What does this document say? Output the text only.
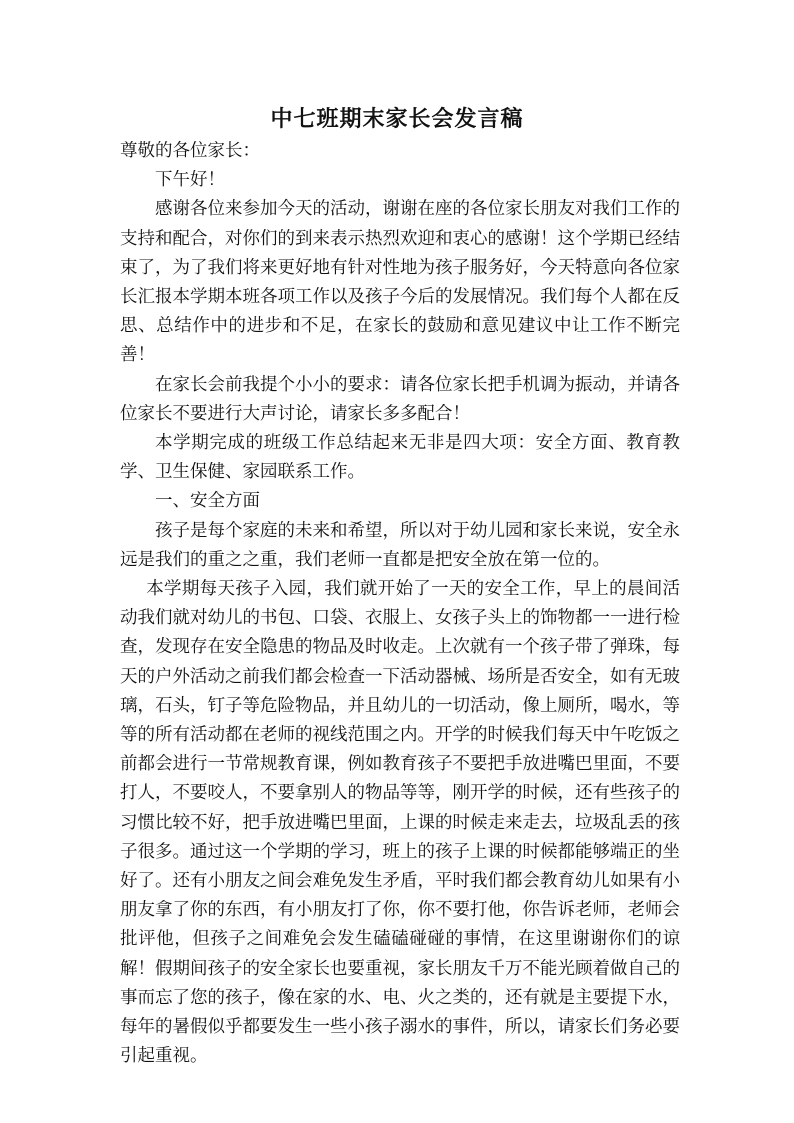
中七班期末家长会发言稿

尊敬的各位家长：

下午好！

感谢各位来参加今天的活动，谢谢在座的各位家长朋友对我们工作的支持和配合，对你们的到来表示热烈欢迎和衷心的感谢！这个学期已经结束了，为了我们将来更好地有针对性地为孩子服务好，今天特意向各位家长汇报本学期本班各项工作以及孩子今后的发展情况。我们每个人都在反思、总结作中的进步和不足，在家长的鼓励和意见建议中让工作不断完善！

在家长会前我提个小小的要求：请各位家长把手机调为振动，并请各位家长不要进行大声讨论，请家长多多配合！

本学期完成的班级工作总结起来无非是四大项：安全方面、教育教学、卫生保健、家园联系工作。

一、安全方面

孩子是每个家庭的未来和希望，所以对于幼儿园和家长来说，安全永远是我们的重之之重，我们老师一直都是把安全放在第一位的。

本学期每天孩子入园，我们就开始了一天的安全工作，早上的晨间活动我们就对幼儿的书包、口袋、衣服上、女孩子头上的饰物都一一进行检查，发现存在安全隐患的物品及时收走。上次就有一个孩子带了弹珠，每天的户外活动之前我们都会检查一下活动器械、场所是否安全，如有无玻璃，石头，钉子等危险物品，并且幼儿的一切活动，像上厕所，喝水，等等的所有活动都在老师的视线范围之内。开学的时候我们每天中午吃饭之前都会进行一节常规教育课，例如教育孩子不要把手放进嘴巴里面，不要打人，不要咬人，不要拿别人的物品等等，刚开学的时候，还有些孩子的习惯比较不好，把手放进嘴巴里面，上课的时候走来走去，垃圾乱丢的孩子很多。通过这一个学期的学习，班上的孩子上课的时候都能够端正的坐好了。还有小朋友之间会难免发生矛盾，平时我们都会教育幼儿如果有小朋友拿了你的东西，有小朋友打了你，你不要打他，你告诉老师，老师会批评他，但孩子之间难免会发生磕磕碰碰的事情，在这里谢谢你们的谅解！假期间孩子的安全家长也要重视，家长朋友千万不能光顾着做自己的事而忘了您的孩子，像在家的水、电、火之类的，还有就是主要提下水，每年的暑假似乎都要发生一些小孩子溺水的事件，所以，请家长们务必要引起重视。
